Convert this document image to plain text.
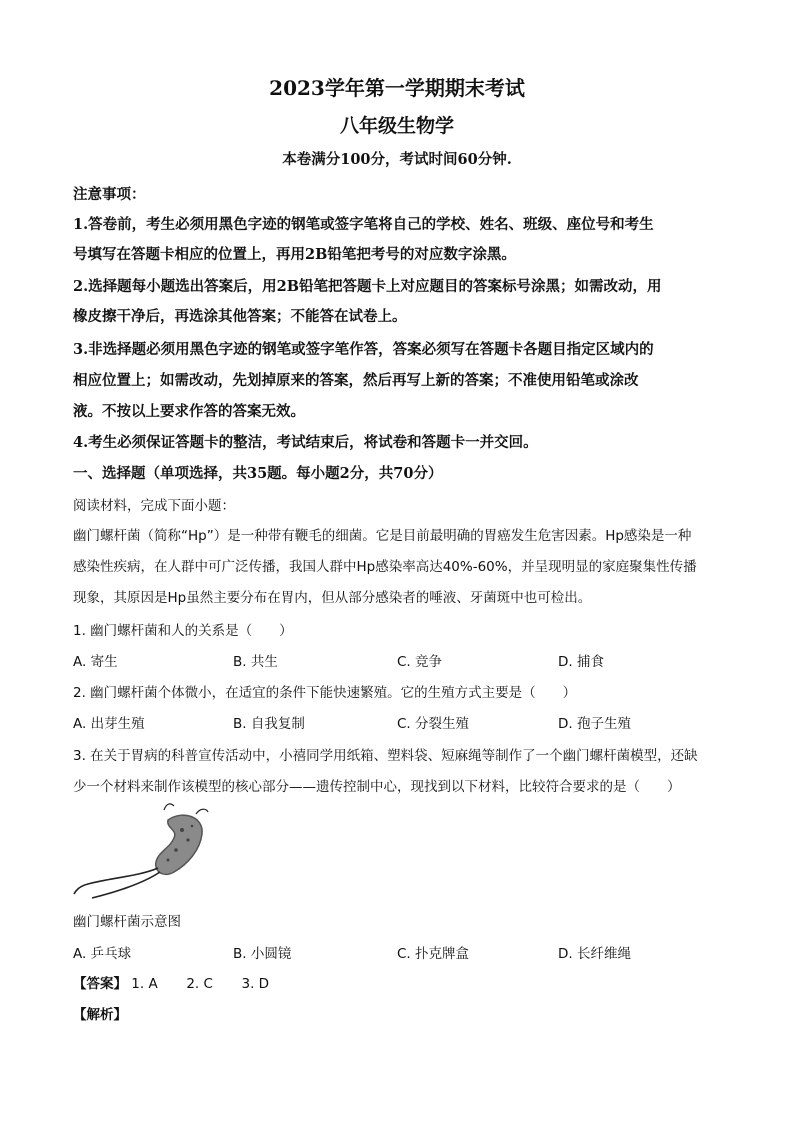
2023学年第一学期期末考试
八年级生物学
本卷满分100分，考试时间60分钟.
注意事项：
1.答卷前，考生必须用黑色字迹的钢笔或签字笔将自己的学校、姓名、班级、座位号和考生
号填写在答题卡相应的位置上，再用2B铅笔把考号的对应数字涂黑。
2.选择题每小题选出答案后，用2B铅笔把答题卡上对应题目的答案标号涂黑；如需改动，用
橡皮擦干净后，再选涂其他答案；不能答在试卷上。
3.非选择题必须用黑色字迹的钢笔或签字笔作答，答案必须写在答题卡各题目指定区域内的
相应位置上；如需改动，先划掉原来的答案，然后再写上新的答案；不准使用铅笔或涂改
液。不按以上要求作答的答案无效。
4.考生必须保证答题卡的整洁，考试结束后，将试卷和答题卡一并交回。
一、选择题（单项选择，共35题。每小题2分，共70分）
阅读材料，完成下面小题：
幽门螺杆菌（简称“Hp”）是一种带有鞭毛的细菌。它是目前最明确的胃癌发生危害因素。Hp感染是一种
感染性疾病，在人群中可广泛传播，我国人群中Hp感染率高达40%-60%，并呈现明显的家庭聚集性传播
现象，其原因是Hp虽然主要分布在胃内，但从部分感染者的唾液、牙菌斑中也可检出。
1. 幽门螺杆菌和人的关系是（　　）
A. 寄生	B. 共生	C. 竞争	D. 捕食
2. 幽门螺杆菌个体微小，在适宜的条件下能快速繁殖。它的生殖方式主要是（　　）
A. 出芽生殖	B. 自我复制	C. 分裂生殖	D. 孢子生殖
3. 在关于胃病的科普宣传活动中，小禧同学用纸箱、塑料袋、短麻绳等制作了一个幽门螺杆菌模型，还缺
少一个材料来制作该模型的核心部分——遗传控制中心，现找到以下材料，比较符合要求的是（　　）
幽门螺杆菌示意图
A. 乒乓球	B. 小圆镜	C. 扑克牌盒	D. 长纤维绳
【答案】 1. A 2. C 3. D
【解析】
